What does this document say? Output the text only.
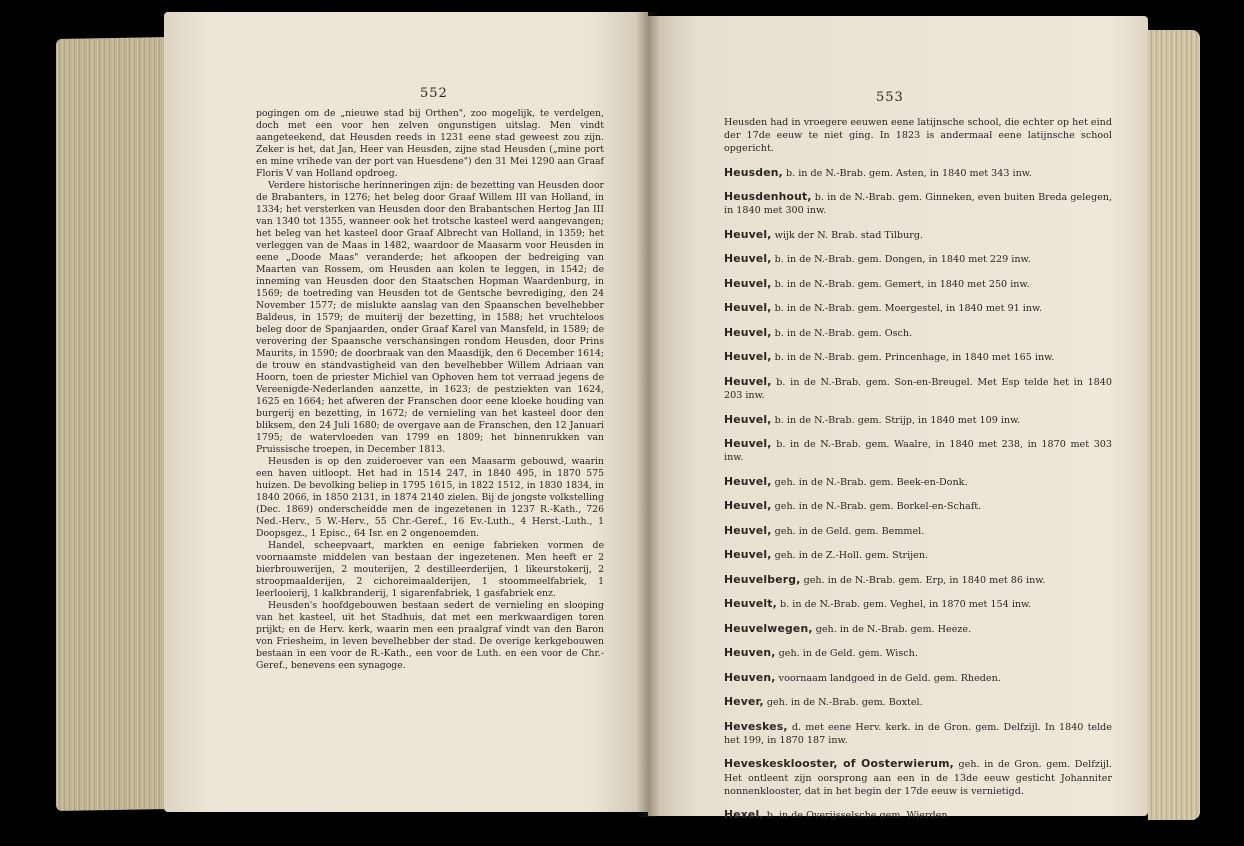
552

pogingen om de „nieuwe stad bij Orthen", zoo mogelijk, te verdelgen, doch met een voor hen zelven ongunstigen uitslag. Men vindt aangeteekend, dat Heusden reeds in 1231 eene stad geweest zou zijn. Zeker is het, dat Jan, Heer van Heusden, zijne stad Heusden („mine port en mine vrihede van der port van Huesdene") den 31 Mei 1290 aan Graaf Floris V van Holland opdroeg.

Verdere historische herinneringen zijn: de bezetting van Heusden door de Brabanters, in 1276; het beleg door Graaf Willem III van Holland, in 1334; het versterken van Heusden door den Brabantschen Hertog Jan III van 1340 tot 1355, wanneer ook het trotsche kasteel werd aangevangen; het beleg van het kasteel door Graaf Albrecht van Holland, in 1359; het verleggen van de Maas in 1482, waardoor de Maasarm voor Heusden in eene „Doode Maas" veranderde; het afkoopen der bedreiging van Maarten van Rossem, om Heusden aan kolen te leggen, in 1542; de inneming van Heusden door den Staatschen Hopman Waardenburg, in 1569; de toetreding van Heusden tot de Gentsche bevrediging, den 24 November 1577; de mislukte aanslag van den Spaanschen bevelhebber Baldeus, in 1579; de muiterij der bezetting, in 1588; het vruchteloos beleg door de Spanjaarden, onder Graaf Karel van Mansfeld, in 1589; de verovering der Spaansche verschansingen rondom Heusden, door Prins Maurits, in 1590; de doorbraak van den Maasdijk, den 6 December 1614; de trouw en standvastigheid van den bevelhebber Willem Adriaan van Hoorn, toen de priester Michiel van Ophoven hem tot verraad jegens de Vereenigde-Nederlanden aanzette, in 1623; de pestziekten van 1624, 1625 en 1664; het afweren der Franschen door eene kloeke houding van burgerij en bezetting, in 1672; de vernieling van het kasteel door den bliksem, den 24 Juli 1680; de overgave aan de Franschen, den 12 Januari 1795; de watervloeden van 1799 en 1809; het binnenrukken van Pruissische troepen, in December 1813.

Heusden is op den zuideroever van een Maasarm gebouwd, waarin een haven uitloopt. Het had in 1514 247, in 1840 495, in 1870 575 huizen. De bevolking beliep in 1795 1615, in 1822 1512, in 1830 1834, in 1840 2066, in 1850 2131, in 1874 2140 zielen. Bij de jongste volkstelling (Dec. 1869) onderscheidde men de ingezetenen in 1237 R.-Kath., 726 Ned.-Herv., 5 W.-Herv., 55 Chr.-Geref., 16 Ev.-Luth., 4 Herst.-Luth., 1 Doopsgez., 1 Episc., 64 Isr. en 2 ongenoemden.

Handel, scheepvaart, markten en eenige fabrieken vormen de voornaamste middelen van bestaan der ingezetenen. Men heeft er 2 bierbrouwerijen, 2 mouterijen, 2 destilleerderijen, 1 likeurstokerij, 2 stroopmaalderijen, 2 cichoreimaalderijen, 1 stoommeelfabriek, 1 leerlooierij, 1 kalkbranderij, 1 sigarenfabriek, 1 gasfabriek enz.

Heusden's hoofdgebouwen bestaan sedert de vernieling en slooping van het kasteel, uit het Stadhuis, dat met een merkwaardigen toren prijkt; en de Herv. kerk, waarin men een praalgraf vindt van den Baron von Friesheim, in leven bevelhebber der stad. De overige kerkgebouwen bestaan in een voor de R.-Kath., een voor de Luth. en een voor de Chr.-Geref., benevens een synagoge.

553

Heusden had in vroegere eeuwen eene latijnsche school, die echter op het eind der 17de eeuw te niet ging. In 1823 is andermaal eene latijnsche school opgericht.

Heusden, b. in de N.-Brab. gem. Asten, in 1840 met 343 inw.

Heusdenhout, b. in de N.-Brab. gem. Ginneken, even buiten Breda gelegen, in 1840 met 300 inw.

Heuvel, wijk der N. Brab. stad Tilburg.

Heuvel, b. in de N.-Brab. gem. Dongen, in 1840 met 229 inw.

Heuvel, b. in de N.-Brab. gem. Gemert, in 1840 met 250 inw.

Heuvel, b. in de N.-Brab. gem. Moergestel, in 1840 met 91 inw.

Heuvel, b. in de N.-Brab. gem. Osch.

Heuvel, b. in de N.-Brab. gem. Princenhage, in 1840 met 165 inw.

Heuvel, b. in de N.-Brab. gem. Son-en-Breugel. Met Esp telde het in 1840 203 inw.

Heuvel, b. in de N.-Brab. gem. Strijp, in 1840 met 109 inw.

Heuvel, b. in de N.-Brab. gem. Waalre, in 1840 met 238, in 1870 met 303 inw.

Heuvel, geh. in de N.-Brab. gem. Beek-en-Donk.

Heuvel, geh. in de N.-Brab. gem. Borkel-en-Schaft.

Heuvel, geh. in de Geld. gem. Bemmel.

Heuvel, geh. in de Z.-Holl. gem. Strijen.

Heuvelberg, geh. in de N.-Brab. gem. Erp, in 1840 met 86 inw.

Heuvelt, b. in de N.-Brab. gem. Veghel, in 1870 met 154 inw.

Heuvelwegen, geh. in de N.-Brab. gem. Heeze.

Heuven, geh. in de Geld. gem. Wisch.

Heuven, voornaam landgoed in de Geld. gem. Rheden.

Hever, geh. in de N.-Brab. gem. Boxtel.

Heveskes, d. met eene Herv. kerk. in de Gron. gem. Delfzijl. In 1840 telde het 199, in 1870 187 inw.

Heveskesklooster, of Oosterwierum, geh. in de Gron. gem. Delfzijl. Het ontleent zijn oorsprong aan een in de 13de eeuw gesticht Johanniter nonnenklooster, dat in het begin der 17de eeuw is vernietigd.

Hexel, b. in de Overijsselsche gem. Wierden.
